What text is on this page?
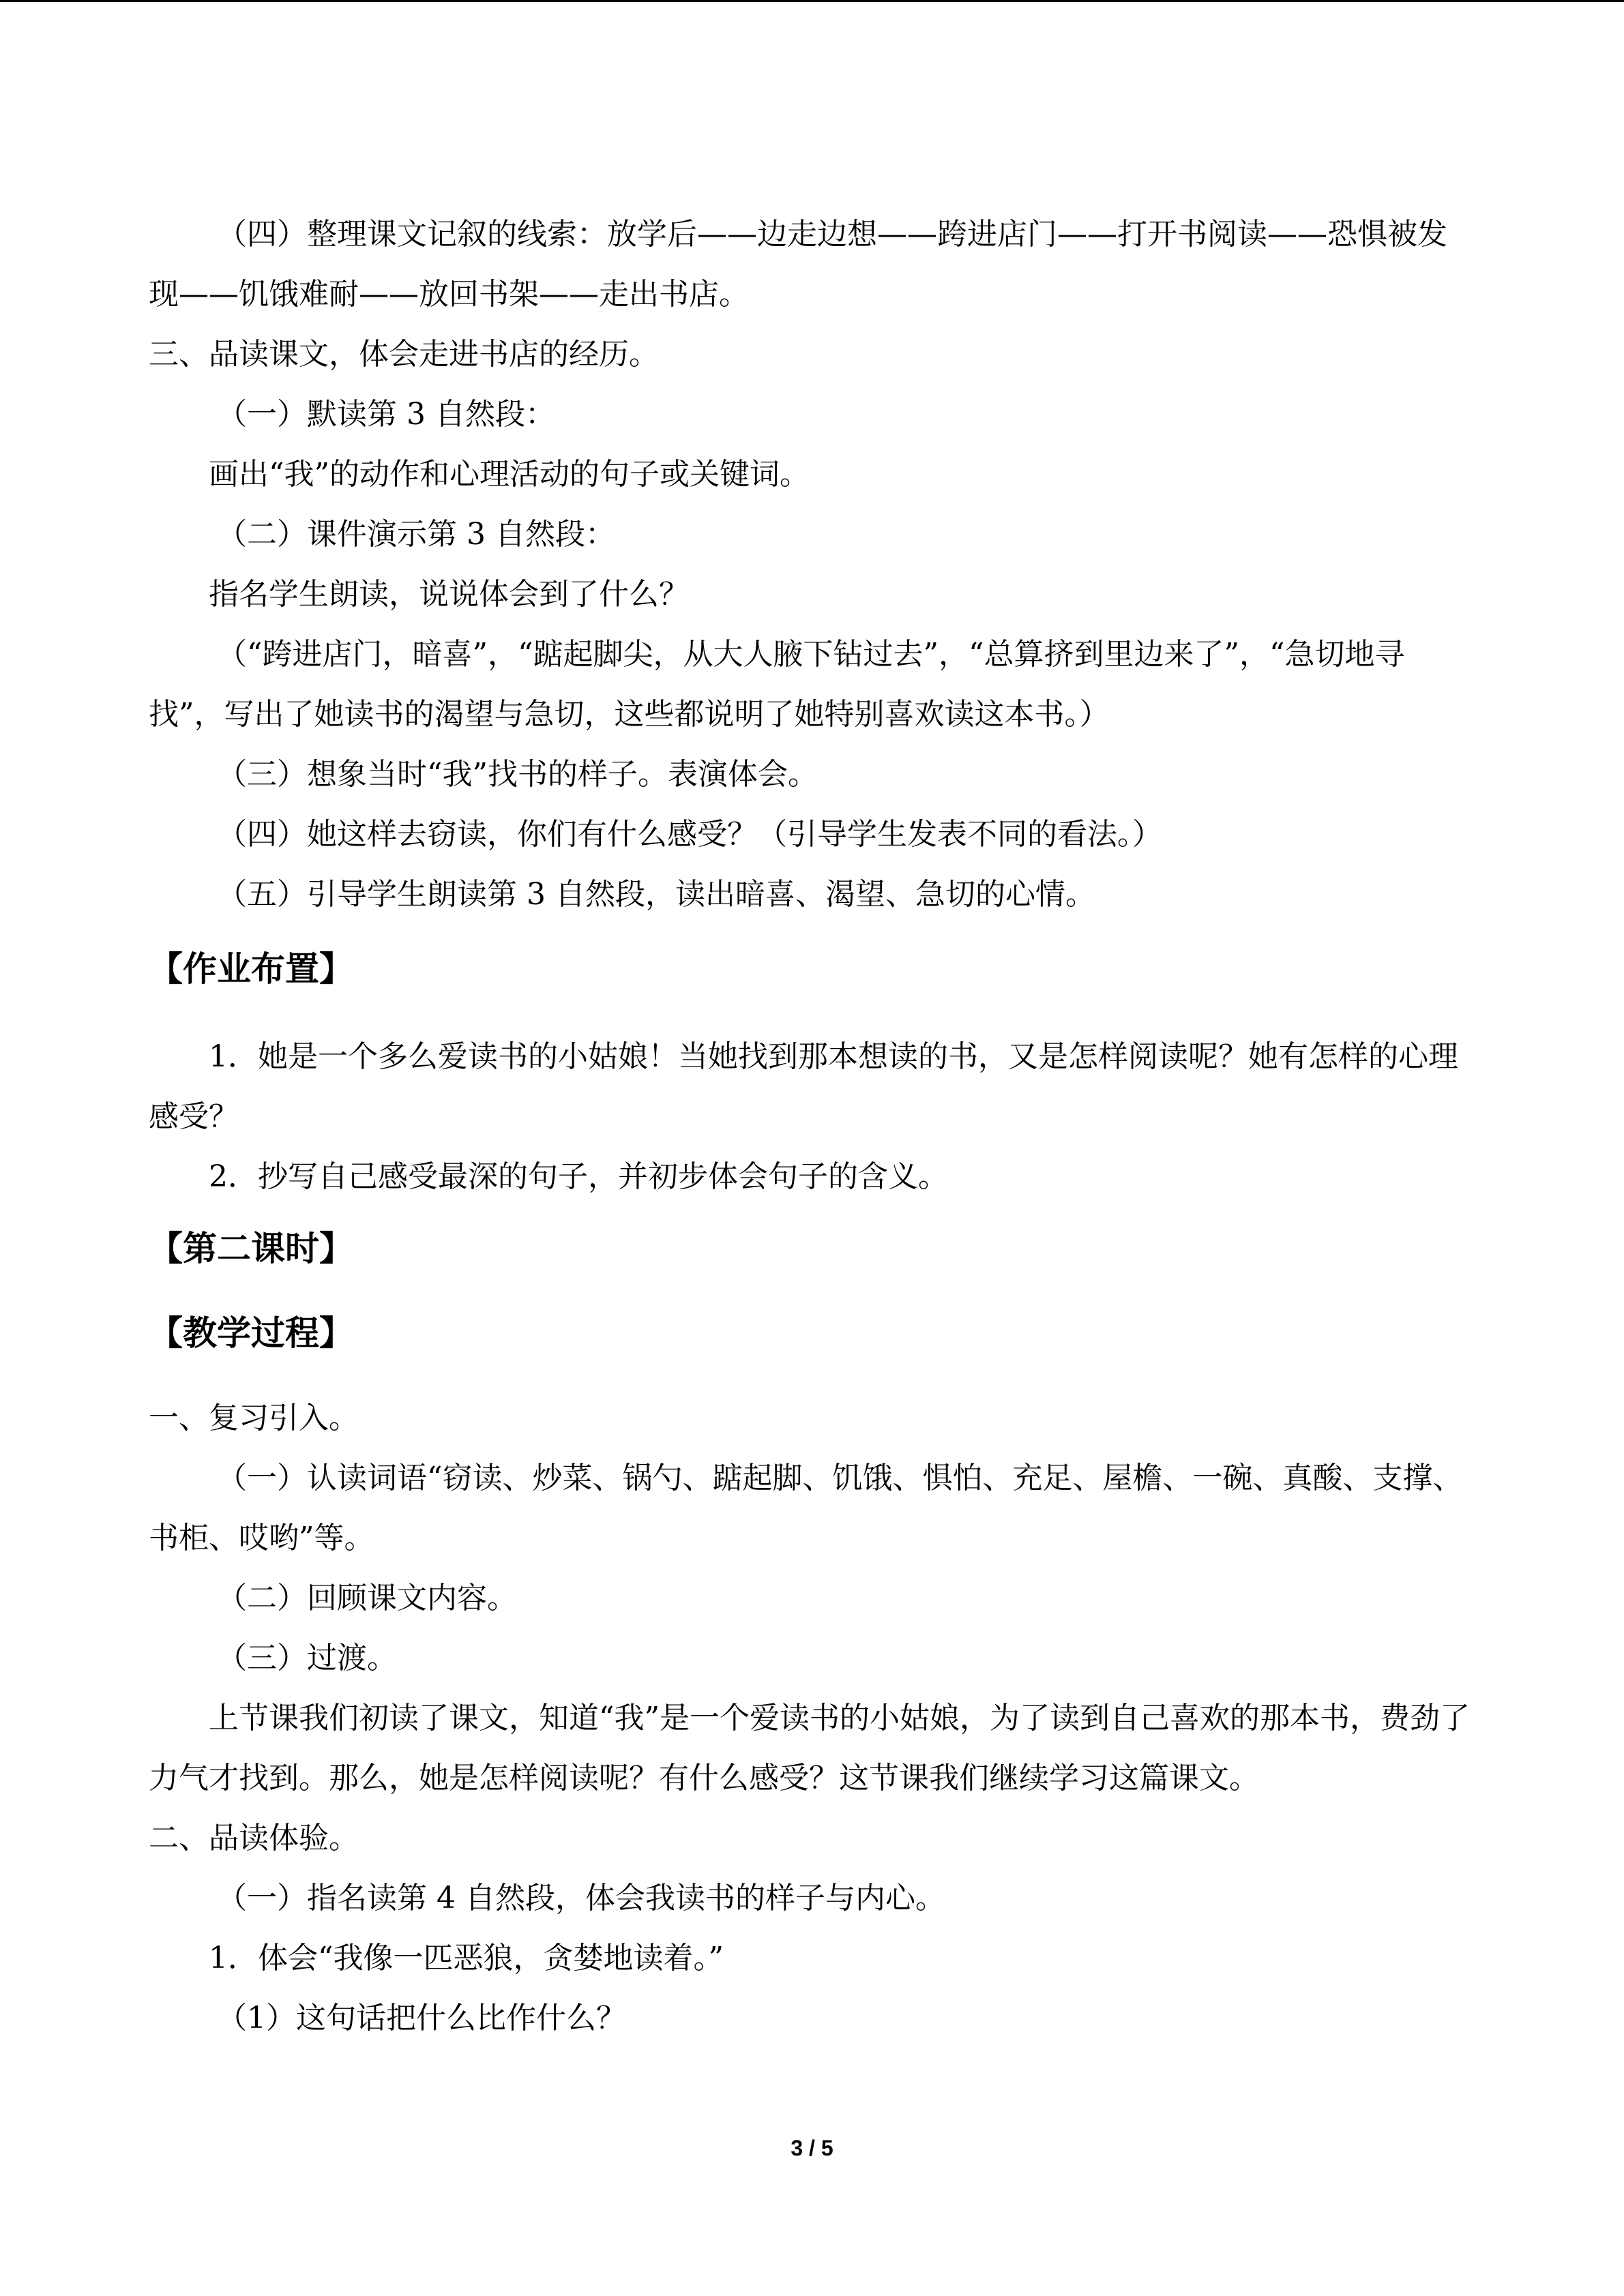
（四）整理课文记叙的线索：放学后——边走边想——跨进店门——打开书阅读——恐惧被发现——饥饿难耐——放回书架——走出书店。

三、品读课文，体会走进书店的经历。

（一）默读第 3 自然段：

画出“我”的动作和心理活动的句子或关键词。

（二）课件演示第 3 自然段：

指名学生朗读，说说体会到了什么？

（“跨进店门，暗喜”，“踮起脚尖，从大人腋下钻过去”，“总算挤到里边来了”，“急切地寻找”，写出了她读书的渴望与急切，这些都说明了她特别喜欢读这本书。）

（三）想象当时“我”找书的样子。表演体会。

（四）她这样去窃读，你们有什么感受？（引导学生发表不同的看法。）

（五）引导学生朗读第 3 自然段，读出暗喜、渴望、急切的心情。

【作业布置】

1．她是一个多么爱读书的小姑娘！当她找到那本想读的书，又是怎样阅读呢？她有怎样的心理感受？

2．抄写自己感受最深的句子，并初步体会句子的含义。

【第二课时】

【教学过程】

一、复习引入。

（一）认读词语“窃读、炒菜、锅勺、踮起脚、饥饿、惧怕、充足、屋檐、一碗、真酸、支撑、书柜、哎哟”等。

（二）回顾课文内容。

（三）过渡。

上节课我们初读了课文，知道“我”是一个爱读书的小姑娘，为了读到自己喜欢的那本书，费劲了力气才找到。那么，她是怎样阅读呢？有什么感受？这节课我们继续学习这篇课文。

二、品读体验。

（一）指名读第 4 自然段，体会我读书的样子与内心。

1．体会“我像一匹恶狼，贪婪地读着。”

（1）这句话把什么比作什么？

3 / 5
